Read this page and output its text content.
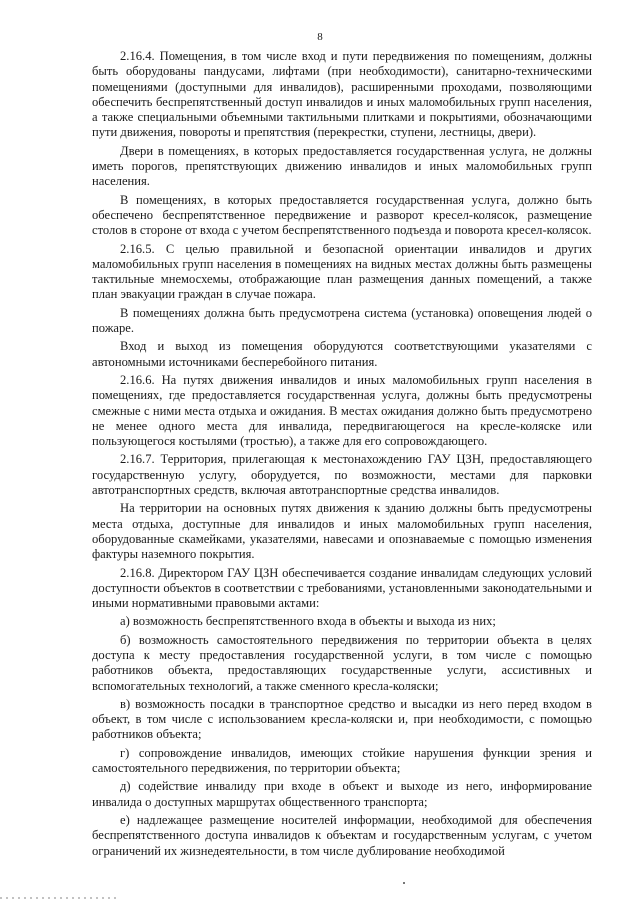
8

2.16.4. Помещения, в том числе вход и пути передвижения по помещениям, должны быть оборудованы пандусами, лифтами (при необходимости), санитарно-техническими помещениями (доступными для инвалидов), расширенными проходами, позволяющими обеспечить беспрепятственный доступ инвалидов и иных маломобильных групп населения, а также специальными объемными тактильными плитками и покрытиями, обозначающими пути движения, повороты и препятствия (перекрестки, ступени, лестницы, двери).

Двери в помещениях, в которых предоставляется государственная услуга, не должны иметь порогов, препятствующих движению инвалидов и иных маломобильных групп населения.

В помещениях, в которых предоставляется государственная услуга, должно быть обеспечено беспрепятственное передвижение и разворот кресел-колясок, размещение столов в стороне от входа с учетом беспрепятственного подъезда и поворота кресел-колясок.

2.16.5. С целью правильной и безопасной ориентации инвалидов и других маломобильных групп населения в помещениях на видных местах должны быть размещены тактильные мнемосхемы, отображающие план размещения данных помещений, а также план эвакуации граждан в случае пожара.

В помещениях должна быть предусмотрена система (установка) оповещения людей о пожаре.

Вход и выход из помещения оборудуются соответствующими указателями с автономными источниками бесперебойного питания.

2.16.6. На путях движения инвалидов и иных маломобильных групп населения в помещениях, где предоставляется государственная услуга, должны быть предусмотрены смежные с ними места отдыха и ожидания. В местах ожидания должно быть предусмотрено не менее одного места для инвалида, передвигающегося на кресле-коляске или пользующегося костылями (тростью), а также для его сопровождающего.

2.16.7. Территория, прилегающая к местонахождению ГАУ ЦЗН, предоставляющего государственную услугу, оборудуется, по возможности, местами для парковки автотранспортных средств, включая автотранспортные средства инвалидов.

На территории на основных путях движения к зданию должны быть предусмотрены места отдыха, доступные для инвалидов и иных маломобильных групп населения, оборудованные скамейками, указателями, навесами и опознаваемые с помощью изменения фактуры наземного покрытия.

2.16.8. Директором ГАУ ЦЗН обеспечивается создание инвалидам следующих условий доступности объектов в соответствии с требованиями, установленными законодательными и иными нормативными правовыми актами:

а) возможность беспрепятственного входа в объекты и выхода из них;

б) возможность самостоятельного передвижения по территории объекта в целях доступа к месту предоставления государственной услуги, в том числе с помощью работников объекта, предоставляющих государственные услуги, ассистивных и вспомогательных технологий, а также сменного кресла-коляски;

в) возможность посадки в транспортное средство и высадки из него перед входом в объект, в том числе с использованием кресла-коляски и, при необходимости, с помощью работников объекта;

г) сопровождение инвалидов, имеющих стойкие нарушения функции зрения и самостоятельного передвижения, по территории объекта;

д) содействие инвалиду при входе в объект и выходе из него, информирование инвалида о доступных маршрутах общественного транспорта;

е) надлежащее размещение носителей информации, необходимой для обеспечения беспрепятственного доступа инвалидов к объектам и государственным услугам, с учетом ограничений их жизнедеятельности, в том числе дублирование необходимой
